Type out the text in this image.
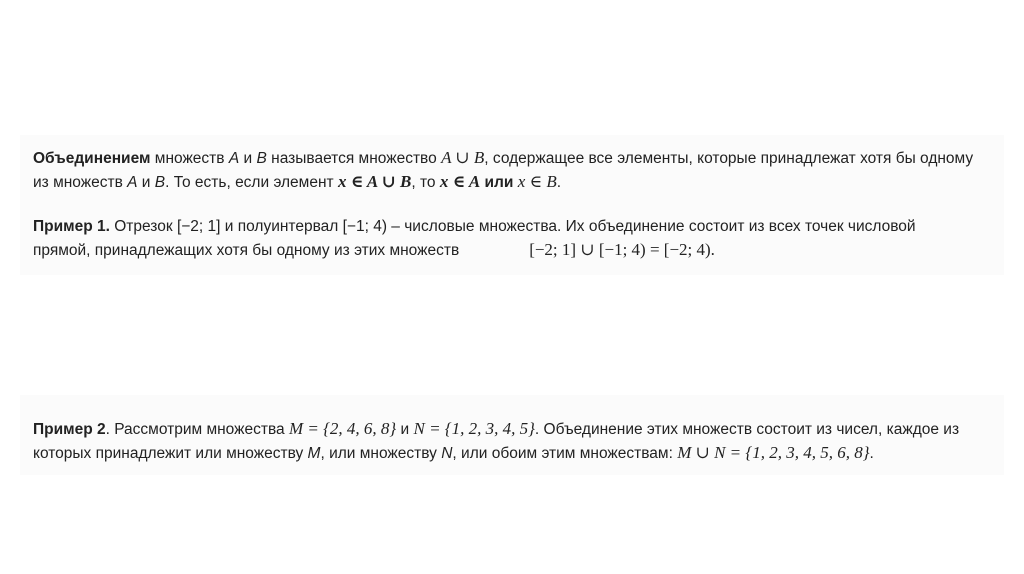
Объединением множеств A и B называется множество A ∪ B, содержащее все элементы, которые принадлежат хотя бы одному
из множеств A и B. То есть, если элемент x ∈ A ∪ B, то x ∈ A или x ∈ B.
Пример 1. Отрезок [−2; 1] и полуинтервал [−1; 4) – числовые множества. Их объединение состоит из всех точек числовой
прямой, принадлежащих хотя бы одному из этих множеств	[−2; 1] ∪ [−1; 4) = [−2; 4).
Пример 2. Рассмотрим множества M = {2, 4, 6, 8} и N = {1, 2, 3, 4, 5}. Объединение этих множеств состоит из чисел, каждое из
которых принадлежит или множеству M, или множеству N, или обоим этим множествам: M ∪ N = {1, 2, 3, 4, 5, 6, 8}.
